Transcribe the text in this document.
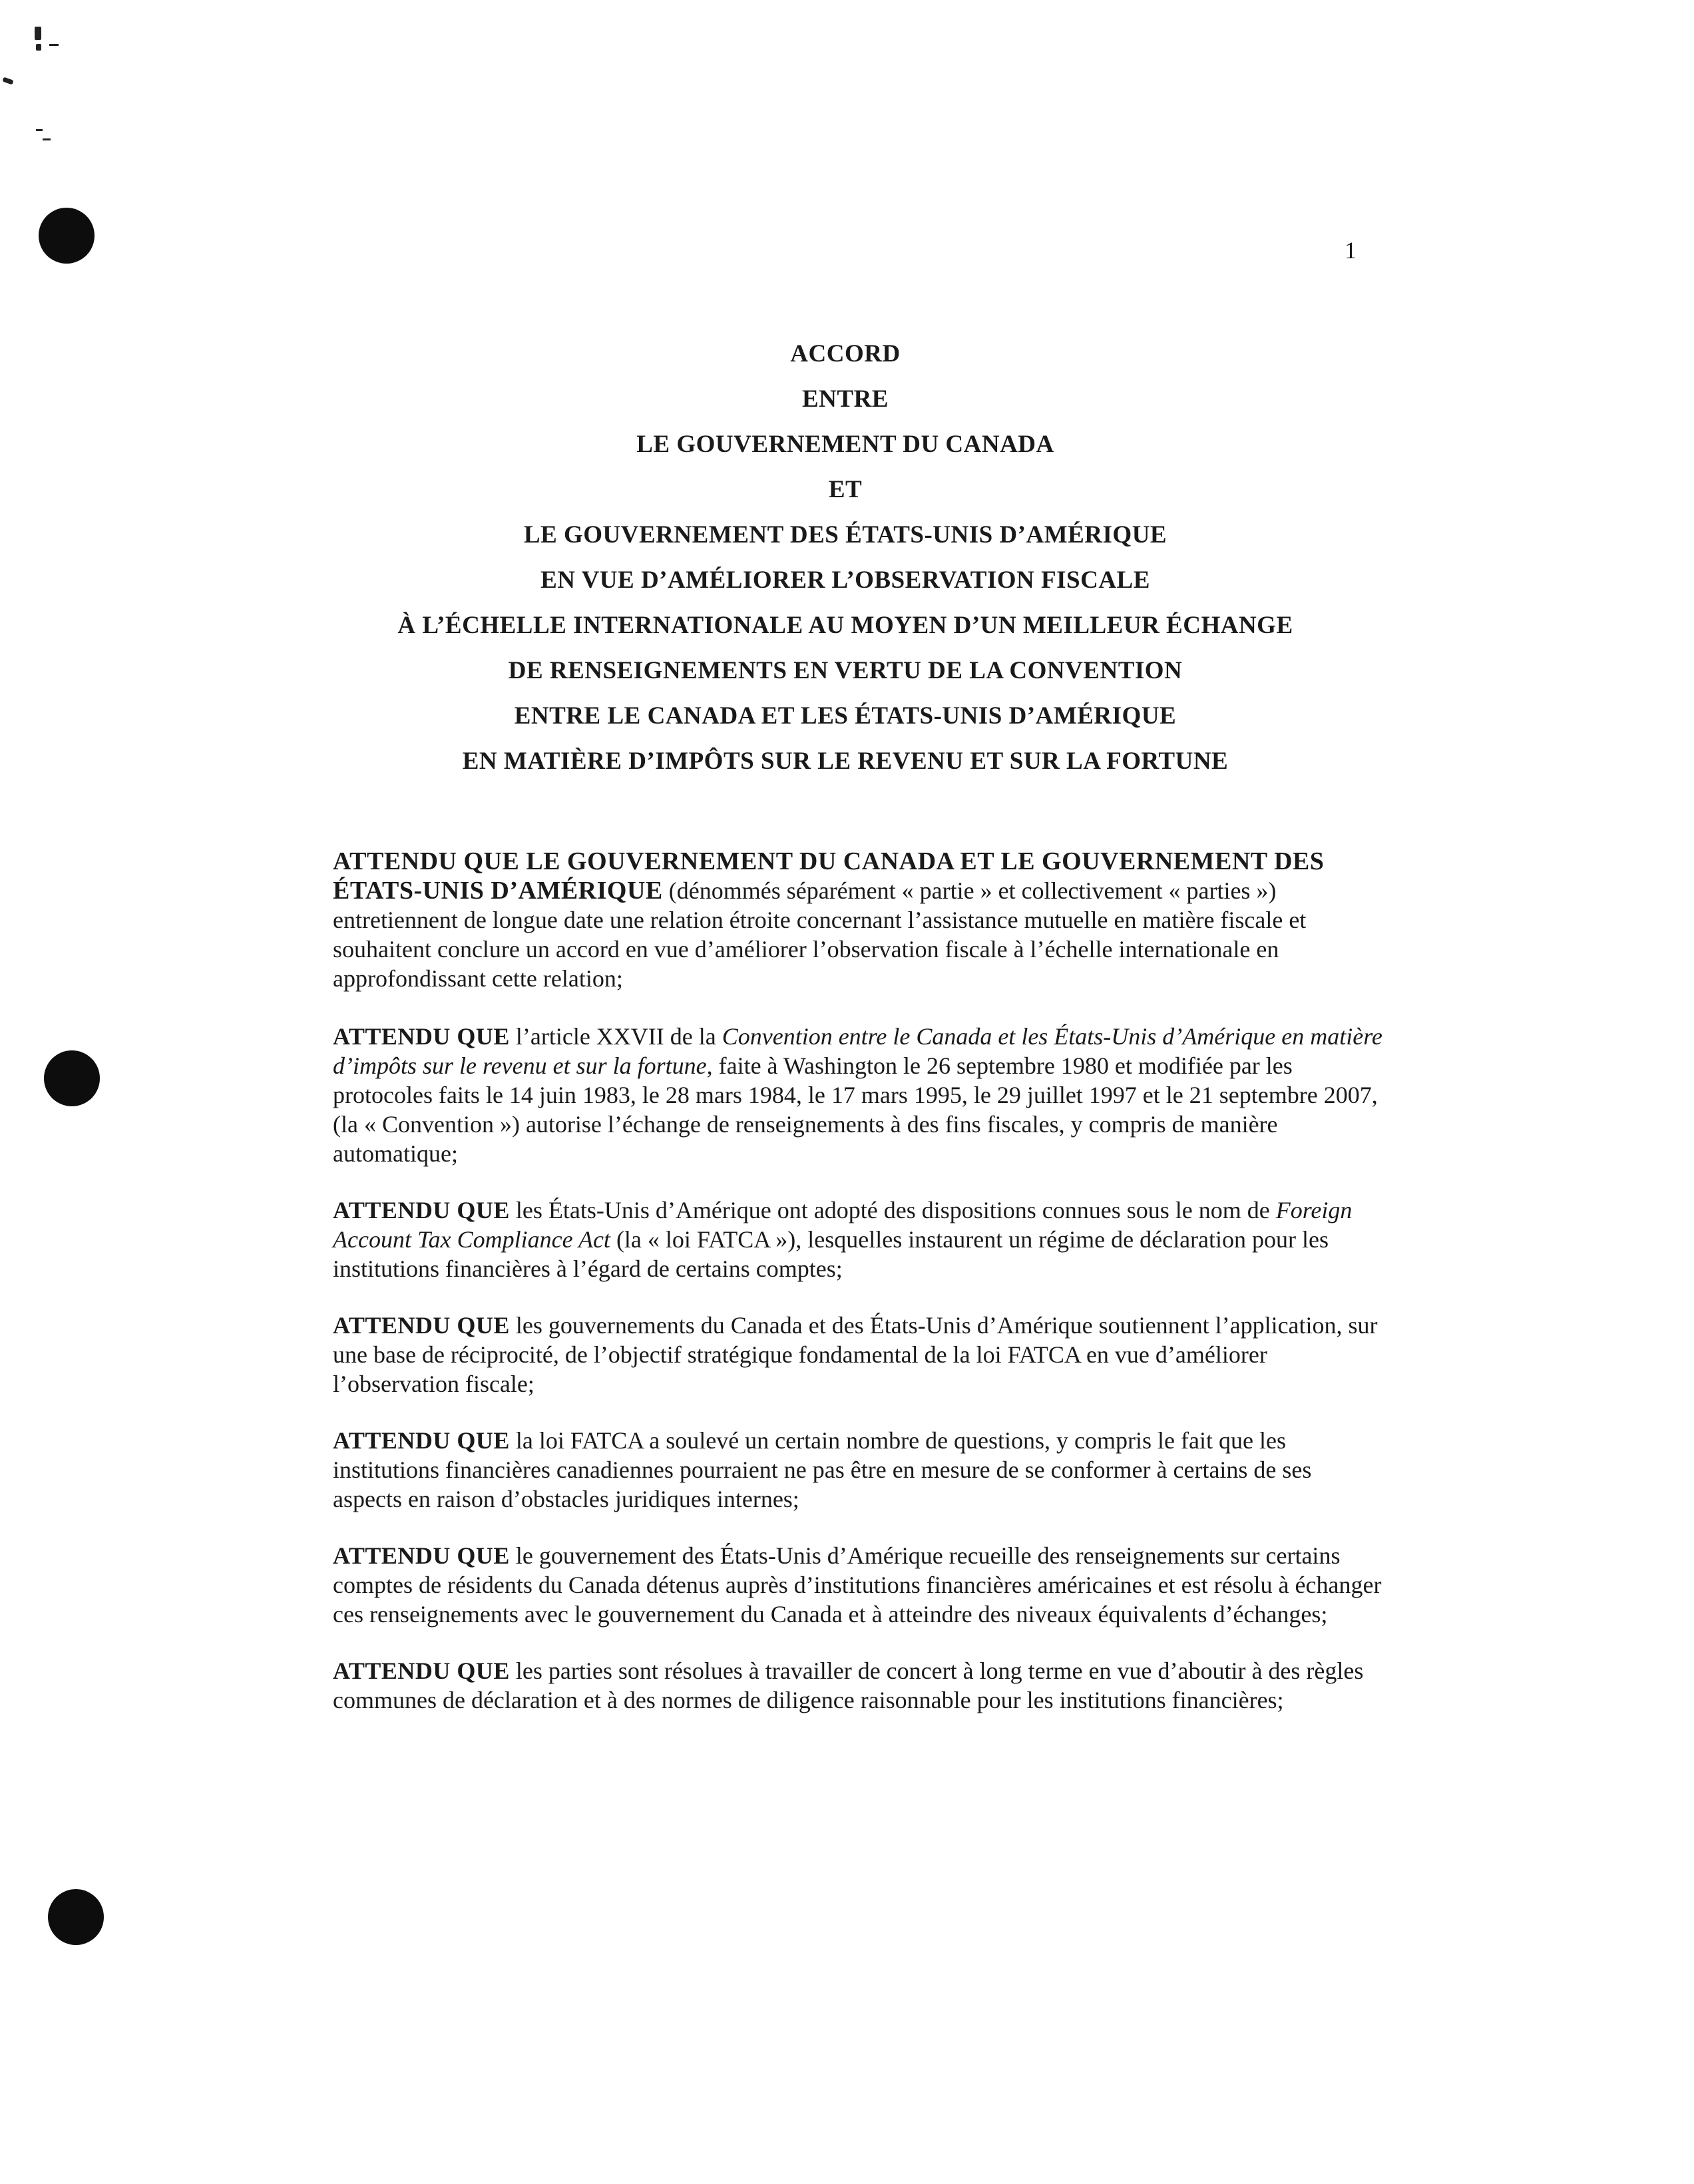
1
ACCORD
ENTRE
LE GOUVERNEMENT DU CANADA
ET
LE GOUVERNEMENT DES ÉTATS-UNIS D’AMÉRIQUE
EN VUE D’AMÉLIORER L’OBSERVATION FISCALE
À L’ÉCHELLE INTERNATIONALE AU MOYEN D’UN MEILLEUR ÉCHANGE
DE RENSEIGNEMENTS EN VERTU DE LA CONVENTION
ENTRE LE CANADA ET LES ÉTATS-UNIS D’AMÉRIQUE
EN MATIÈRE D’IMPÔTS SUR LE REVENU ET SUR LA FORTUNE

ATTENDU QUE LE GOUVERNEMENT DU CANADA ET LE GOUVERNEMENT DES ÉTATS-UNIS D’AMÉRIQUE (dénommés séparément « partie » et collectivement « parties ») entretiennent de longue date une relation étroite concernant l’assistance mutuelle en matière fiscale et souhaitent conclure un accord en vue d’améliorer l’observation fiscale à l’échelle internationale en approfondissant cette relation;

ATTENDU QUE l’article XXVII de la Convention entre le Canada et les États-Unis d’Amérique en matière d’impôts sur le revenu et sur la fortune, faite à Washington le 26 septembre 1980 et modifiée par les protocoles faits le 14 juin 1983, le 28 mars 1984, le 17 mars 1995, le 29 juillet 1997 et le 21 septembre 2007, (la « Convention ») autorise l’échange de renseignements à des fins fiscales, y compris de manière automatique;

ATTENDU QUE les États-Unis d’Amérique ont adopté des dispositions connues sous le nom de Foreign Account Tax Compliance Act (la « loi FATCA »), lesquelles instaurent un régime de déclaration pour les institutions financières à l’égard de certains comptes;

ATTENDU QUE les gouvernements du Canada et des États-Unis d’Amérique soutiennent l’application, sur une base de réciprocité, de l’objectif stratégique fondamental de la loi FATCA en vue d’améliorer l’observation fiscale;

ATTENDU QUE la loi FATCA a soulevé un certain nombre de questions, y compris le fait que les institutions financières canadiennes pourraient ne pas être en mesure de se conformer à certains de ses aspects en raison d’obstacles juridiques internes;

ATTENDU QUE le gouvernement des États-Unis d’Amérique recueille des renseignements sur certains comptes de résidents du Canada détenus auprès d’institutions financières américaines et est résolu à échanger ces renseignements avec le gouvernement du Canada et à atteindre des niveaux équivalents d’échanges;

ATTENDU QUE les parties sont résolues à travailler de concert à long terme en vue d’aboutir à des règles communes de déclaration et à des normes de diligence raisonnable pour les institutions financières;
